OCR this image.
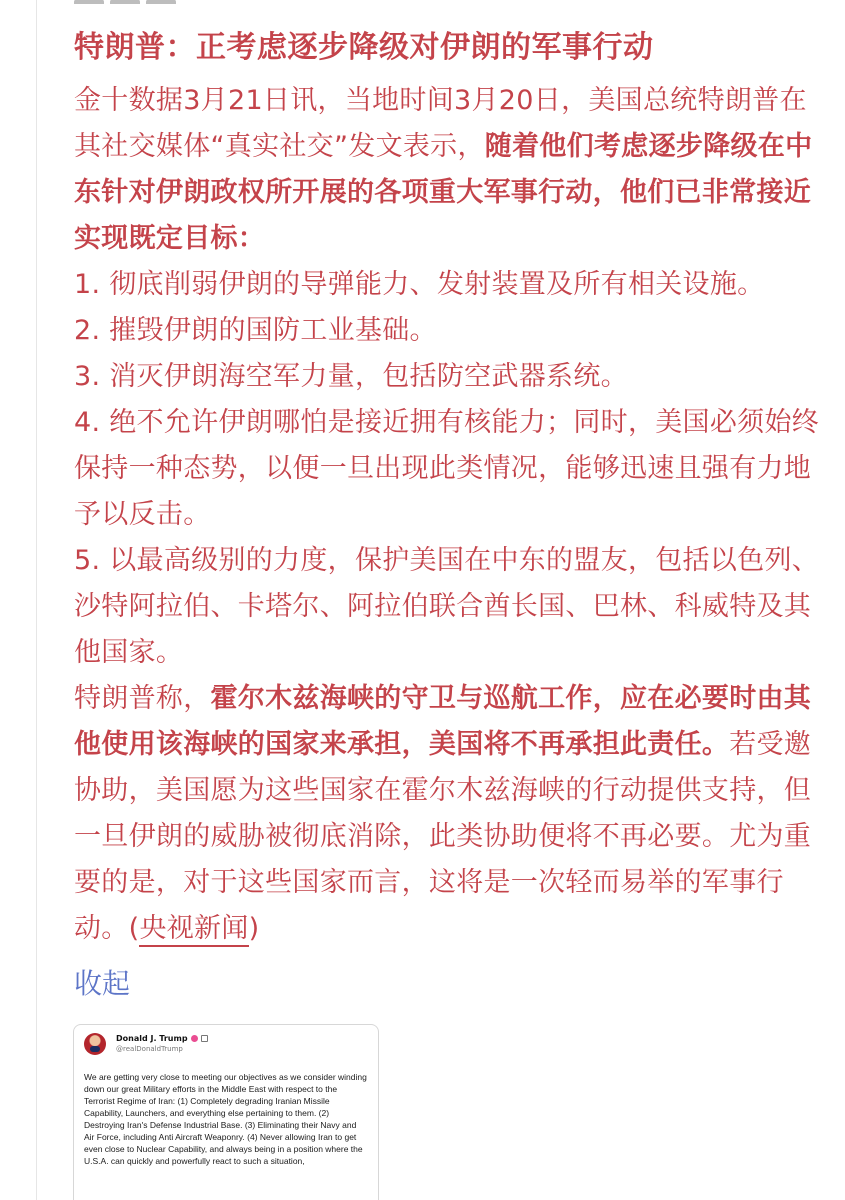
特朗普：正考虑逐步降级对伊朗的军事行动

金十数据3月21日讯，当地时间3月20日，美国总统特朗普在其社交媒体“真实社交”发文表示，随着他们考虑逐步降级在中东针对伊朗政权所开展的各项重大军事行动，他们已非常接近实现既定目标：

1. 彻底削弱伊朗的导弹能力、发射装置及所有相关设施。

2. 摧毁伊朗的国防工业基础。

3. 消灭伊朗海空军力量，包括防空武器系统。

4. 绝不允许伊朗哪怕是接近拥有核能力；同时，美国必须始终保持一种态势，以便一旦出现此类情况，能够迅速且强有力地予以反击。

5. 以最高级别的力度，保护美国在中东的盟友，包括以色列、沙特阿拉伯、卡塔尔、阿拉伯联合酋长国、巴林、科威特及其他国家。

特朗普称，霍尔木兹海峡的守卫与巡航工作，应在必要时由其他使用该海峡的国家来承担，美国将不再承担此责任。若受邀协助，美国愿为这些国家在霍尔木兹海峡的行动提供支持，但一旦伊朗的威胁被彻底消除，此类协助便将不再必要。尤为重要的是，对于这些国家而言，这将是一次轻而易举的军事行动。(央视新闻)

收起
Donald J. Trump
@realDonaldTrump
We are getting very close to meeting our objectives as we consider winding down our great Military efforts in the Middle East with respect to the Terrorist Regime of Iran: (1) Completely degrading Iranian Missile Capability, Launchers, and everything else pertaining to them. (2) Destroying Iran's Defense Industrial Base. (3) Eliminating their Navy and Air Force, including Anti Aircraft Weaponry. (4) Never allowing Iran to get even close to Nuclear Capability, and always being in a position where the U.S.A. can quickly and powerfully react to such a situation,
